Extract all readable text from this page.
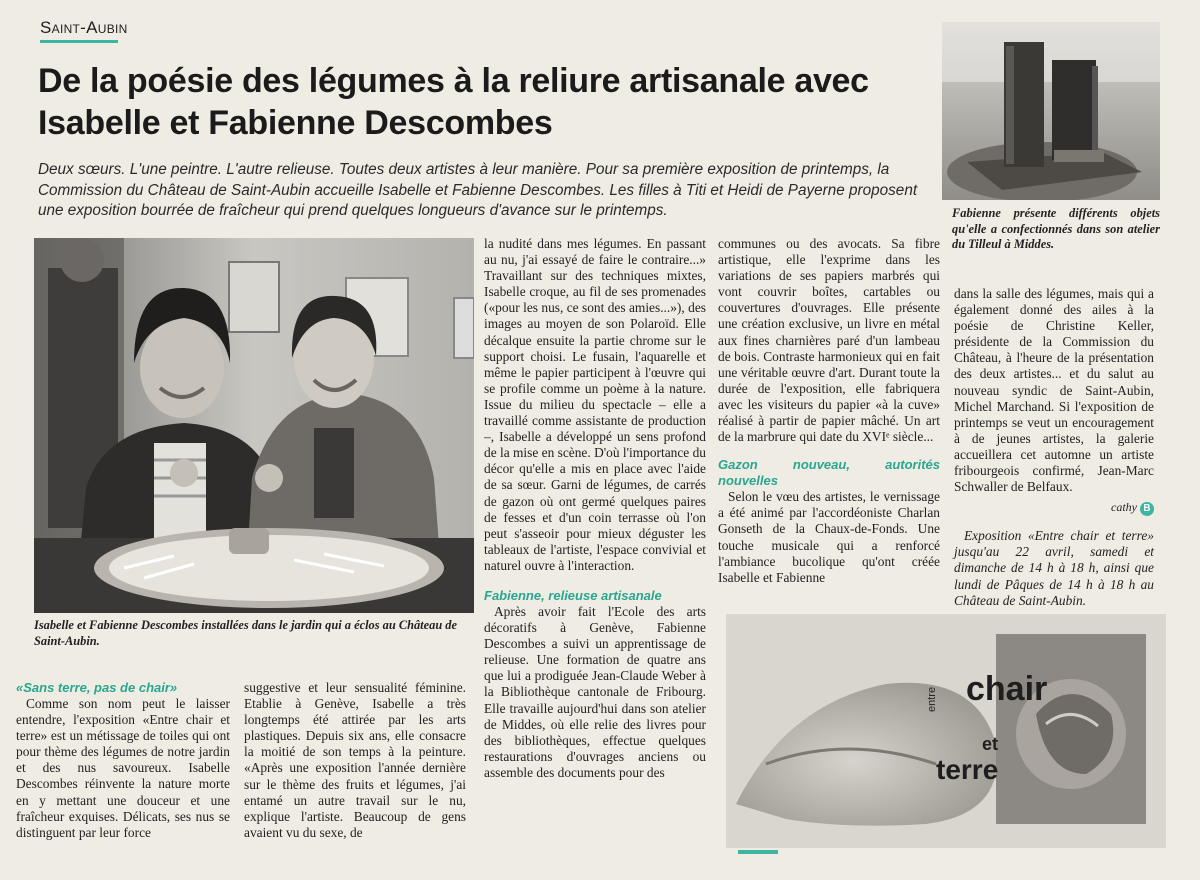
Saint-Aubin
De la poésie des légumes à la reliure artisanale avec Isabelle et Fabienne Descombes
Deux sœurs. L'une peintre. L'autre relieuse. Toutes deux artistes à leur manière. Pour sa première exposition de printemps, la Commission du Château de Saint-Aubin accueille Isabelle et Fabienne Descombes. Les filles à Titi et Heidi de Payerne proposent une exposition bourrée de fraîcheur qui prend quelques longueurs d'avance sur le printemps.	Fabienne présente différents objets qu'elle a confectionnés dans son atelier du Tilleul à Middes.
Isabelle et Fabienne Descombes installées dans le jardin qui a éclos au Château de Saint-Aubin.
«Sans terre, pas de chair»

Comme son nom peut le laisser entendre, l'exposition «Entre chair et terre» est un métissage de toiles qui ont pour thème des légumes de notre jardin et des nus savoureux. Isabelle Descombes réinvente la nature morte en y mettant une douceur et une fraîcheur exquises. Délicats, ses nus se distinguent par leur force

suggestive et leur sensualité féminine. Etablie à Genève, Isabelle a très longtemps été attirée par les arts plastiques. Depuis six ans, elle consacre la moitié de son temps à la peinture. «Après une exposition l'année dernière sur le thème des fruits et légumes, j'ai entamé un autre travail sur le nu, explique l'artiste. Beaucoup de gens avaient vu du sexe, de

la nudité dans mes légumes. En passant au nu, j'ai essayé de faire le contraire...» Travaillant sur des techniques mixtes, Isabelle croque, au fil de ses promenades («pour les nus, ce sont des amies...»), des images au moyen de son Polaroïd. Elle décalque ensuite la partie chrome sur le support choisi. Le fusain, l'aquarelle et même le papier participent à l'œuvre qui se profile comme un poème à la nature. Issue du milieu du spectacle – elle a travaillé comme assistante de production –, Isabelle a développé un sens profond de la mise en scène. D'où l'importance du décor qu'elle a mis en place avec l'aide de sa sœur. Garni de légumes, de carrés de gazon où ont germé quelques paires de fesses et d'un coin terrasse où l'on peut s'asseoir pour mieux déguster les tableaux de l'artiste, l'espace convivial et naturel ouvre à l'interaction.

Fabienne, relieuse artisanale

Après avoir fait l'Ecole des arts décoratifs à Genève, Fabienne Descombes a suivi un apprentissage de relieuse. Une formation de quatre ans que lui a prodiguée Jean-Claude Weber à la Bibliothèque cantonale de Fribourg. Elle travaille aujourd'hui dans son atelier de Middes, où elle relie des livres pour des bibliothèques, effectue quelques restaurations d'ouvrages anciens ou assemble des documents pour des

communes ou des avocats. Sa fibre artistique, elle l'exprime dans les variations de ses papiers marbrés qui vont couvrir boîtes, cartables ou couvertures d'ouvrages. Elle présente une création exclusive, un livre en métal aux fines charnières paré d'un lambeau de bois. Contraste harmonieux qui en fait une véritable œuvre d'art. Durant toute la durée de l'exposition, elle fabriquera avec les visiteurs du papier «à la cuve» réalisé à partir de papier mâché. Un art de la marbrure qui date du XVIᵉ siècle...

Gazon nouveau, autorités nouvelles

Selon le vœu des artistes, le vernissage a été animé par l'accordéoniste Charlan Gonseth de la Chaux-de-Fonds. Une touche musicale qui a renforcé l'ambiance bucolique qu'ont créée Isabelle et Fabienne

dans la salle des légumes, mais qui a également donné des ailes à la poésie de Christine Keller, présidente de la Commission du Château, à l'heure de la présentation des deux artistes... et du salut au nouveau syndic de Saint-Aubin, Michel Marchand. Si l'exposition de printemps se veut un encouragement à de jeunes artistes, la galerie accueillera cet automne un artiste fribourgeois confirmé, Jean-Marc Schwaller de Belfaux.

cathy B

Exposition «Entre chair et terre» jusqu'au 22 avril, samedi et dimanche de 14 h à 18 h, ainsi que lundi de Pâques de 14 h à 18 h au Château de Saint-Aubin.

entre chair
et
terre
